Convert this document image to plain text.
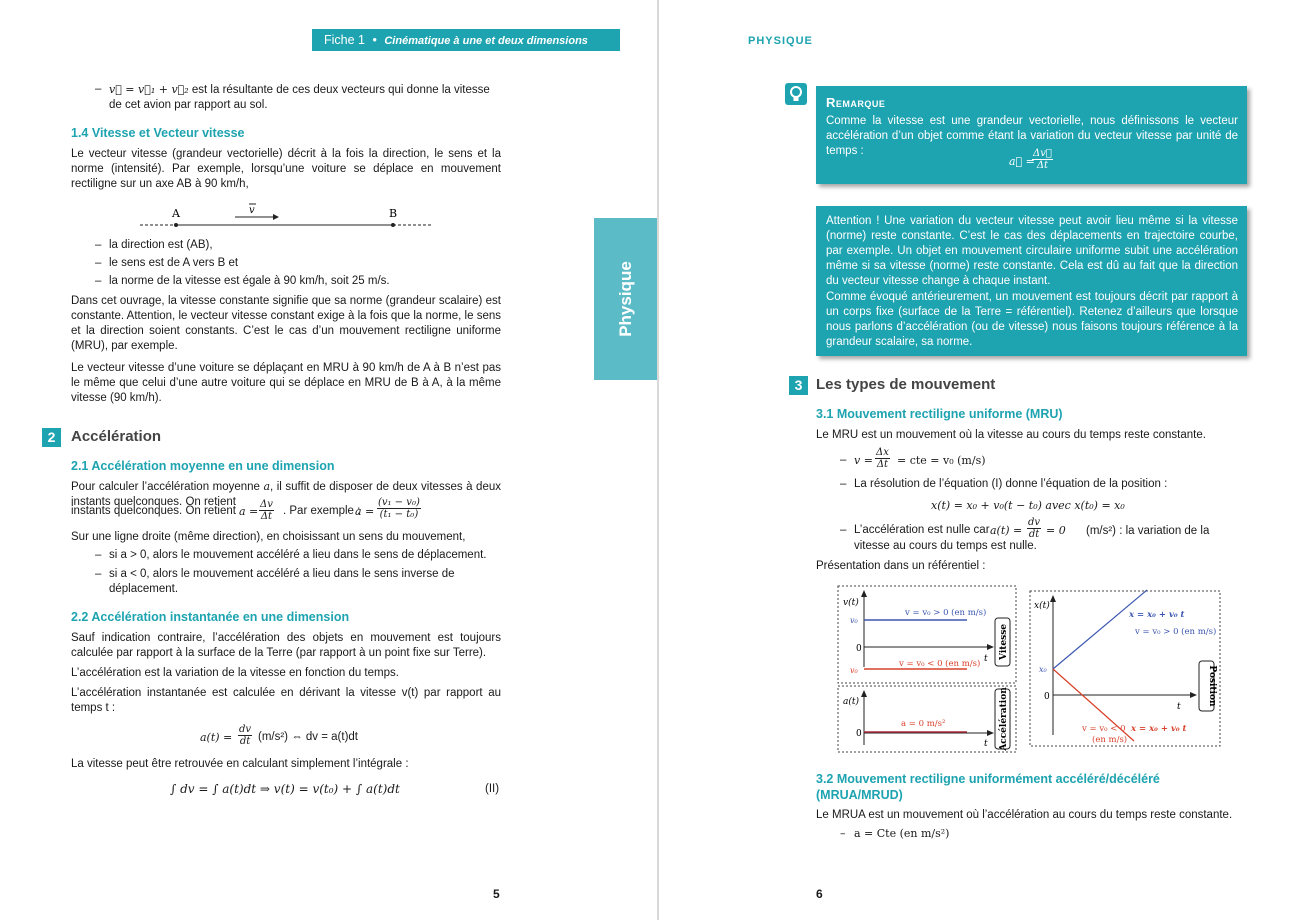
Fiche 1 • Cinématique à une et deux dimensions
Physique
– v⃗ = v⃗₁ + v⃗₂ est la résultante de ces deux vecteurs qui donne la vitesse de cet avion par rapport au sol.
1.4 Vitesse et Vecteur vitesse

Le vecteur vitesse (grandeur vectorielle) décrit à la fois la direction, le sens et la norme (intensité). Par exemple, lorsqu’une voiture se déplace en mouvement rectiligne sur un axe AB à 90 km/h,

A	B
v
– la direction est (AB),
– le sens est de A vers B et
– la norme de la vitesse est égale à 90 km/h, soit 25 m/s.

Dans cet ouvrage, la vitesse constante signifie que sa norme (grandeur scalaire) est constante. Attention, le vecteur vitesse constant exige à la fois que la norme, le sens et la direction soient constants. C’est le cas d’un mouvement rectiligne uniforme (MRU), par exemple.

Le vecteur vitesse d’une voiture se déplaçant en MRU à 90 km/h de A à B n’est pas le même que celui d’une autre voiture qui se déplace en MRU de B à A, à la même vitesse (90 km/h).

2	Accélération
2.1 Accélération moyenne en une dimension
Pour calculer l’accélération moyenne a, il suffit de disposer de deux vitesses à deux instants quelconques. On retient
instants quelconques. On retient $a = \frac{\Delta v}{\Delta t}$ . Par exemple :
$a = \frac{\text{(v₁ − v₀)}}{\text{(t₁ − t₀)}}$

Sur une ligne droite (même direction), en choisissant un sens du mouvement,

– si a > 0, alors le mouvement accéléré a lieu dans le sens de déplacement.
– si a < 0, alors le mouvement accéléré a lieu dans le sens inverse de déplacement.
2.2 Accélération instantanée en une dimension

Sauf indication contraire, l’accélération des objets en mouvement est toujours calculée par rapport à la surface de la Terre (par rapport à un point fixe sur Terre).

L’accélération est la variation de la vitesse en fonction du temps.

L’accélération instantanée est calculée en dérivant la vitesse v(t) par rapport au temps t :

$a(t) = \frac{dv}{dt} (m/s^2)$ ⇔ dv = a(t)dt

La vitesse peut être retrouvée en calculant simplement l’intégrale :

∫ dv = ∫ a(t)dt ⇒ v(t) = v(t₀) + ∫ a(t)dt	(II)
5
PHYSIQUE
Remarque

Comme la vitesse est une grandeur vectorielle, nous définissons le vecteur accélération d’un objet comme étant la variation du vecteur vitesse par unité de temps :

a⃗ =
$\frac{\Delta v⃗}{\Delta t}$

Attention ! Une variation du vecteur vitesse peut avoir lieu même si la vitesse (norme) reste constante. C’est le cas des déplacements en trajectoire courbe, par exemple. Un objet en mouvement circulaire uniforme subit une accélération même si sa vitesse (norme) reste constante. Cela est dû au fait que la direction du vecteur vitesse change à chaque instant.

Comme évoqué antérieurement, un mouvement est toujours décrit par rapport à un corps fixe (surface de la Terre = référentiel). Retenez d’ailleurs que lorsque nous parlons d’accélération (ou de vitesse) nous faisons toujours référence à la grandeur scalaire, sa norme.

3 Les types de mouvement
3.1 Mouvement rectiligne uniforme (MRU)

Le MRU est un mouvement où la vitesse au cours du temps reste constante.

– $v = \frac{\Delta x}{\Delta t}$ = cte = v₀ (m/s)
– La résolution de l’équation (I) donne l’équation de la position :
x(t) = x₀ + v₀(t − t₀) avec x(t₀) = x₀
– L’accélération est nulle car $a(t) = \frac{dv}{dt} = 0$	(m/s²) : la variation de la vitesse au cours du temps est nulle.

Présentation dans un référentiel :

v(t)
v₀
0
v₀
t
v = v₀ > 0 (en m/s)
v = v₀ < 0 (en m/s)
Vitesse
a(t)
0
a = 0 m/s²
t Accélération
x(t)
x₀
0
t
x = x₀ + v₀ t
v = v₀ > 0 (en m/s)
v = v₀ < 0
(en m/s)
x = x₀ + v₀ t
Position
3.2 Mouvement rectiligne uniformément accéléré/décéléré (MRUA/MRUD)

Le MRUA est un mouvement où l’accélération au cours du temps reste constante.

– a = Cte (en m/s²)
6
